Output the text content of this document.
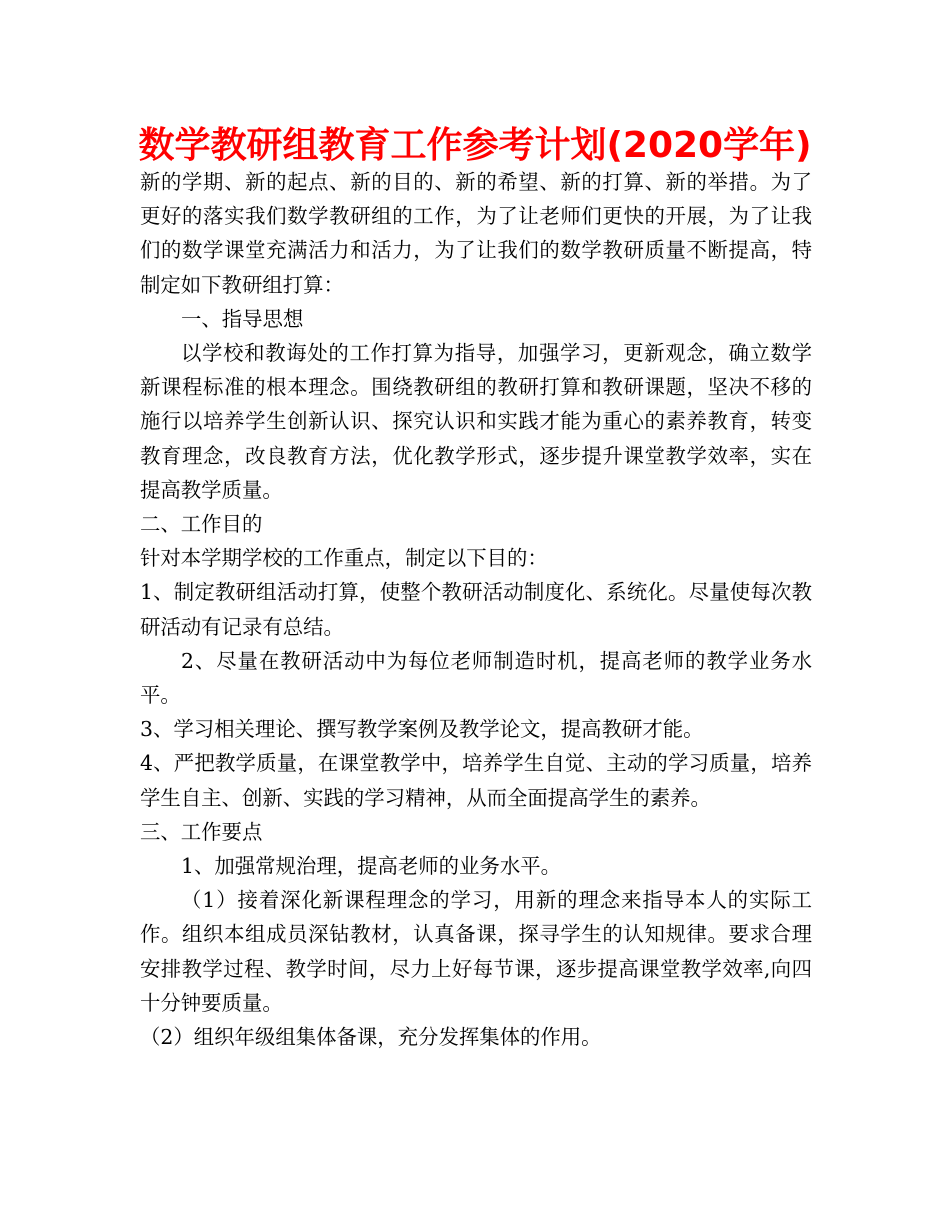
数学教研组教育工作参考计划(2020学年)

新的学期、新的起点、新的目的、新的希望、新的打算、新的举措。为了更好的落实我们数学教研组的工作，为了让老师们更快的开展，为了让我们的数学课堂充满活力和活力，为了让我们的数学教研质量不断提高，特制定如下教研组打算：

一、指导思想

以学校和教诲处的工作打算为指导，加强学习，更新观念，确立数学新课程标准的根本理念。围绕教研组的教研打算和教研课题，坚决不移的施行以培养学生创新认识、探究认识和实践才能为重心的素养教育，转变教育理念，改良教育方法，优化教学形式，逐步提升课堂教学效率，实在提高教学质量。

二、工作目的

针对本学期学校的工作重点，制定以下目的：

1、制定教研组活动打算，使整个教研活动制度化、系统化。尽量使每次教研活动有记录有总结。

2、尽量在教研活动中为每位老师制造时机，提高老师的教学业务水平。

3、学习相关理论、撰写教学案例及教学论文，提高教研才能。

4、严把教学质量，在课堂教学中，培养学生自觉、主动的学习质量，培养学生自主、创新、实践的学习精神，从而全面提高学生的素养。

三、工作要点

1、加强常规治理，提高老师的业务水平。

（1）接着深化新课程理念的学习，用新的理念来指导本人的实际工作。组织本组成员深钻教材，认真备课，探寻学生的认知规律。要求合理安排教学过程、教学时间，尽力上好每节课，逐步提高课堂教学效率,向四十分钟要质量。

（2）组织年级组集体备课，充分发挥集体的作用。
